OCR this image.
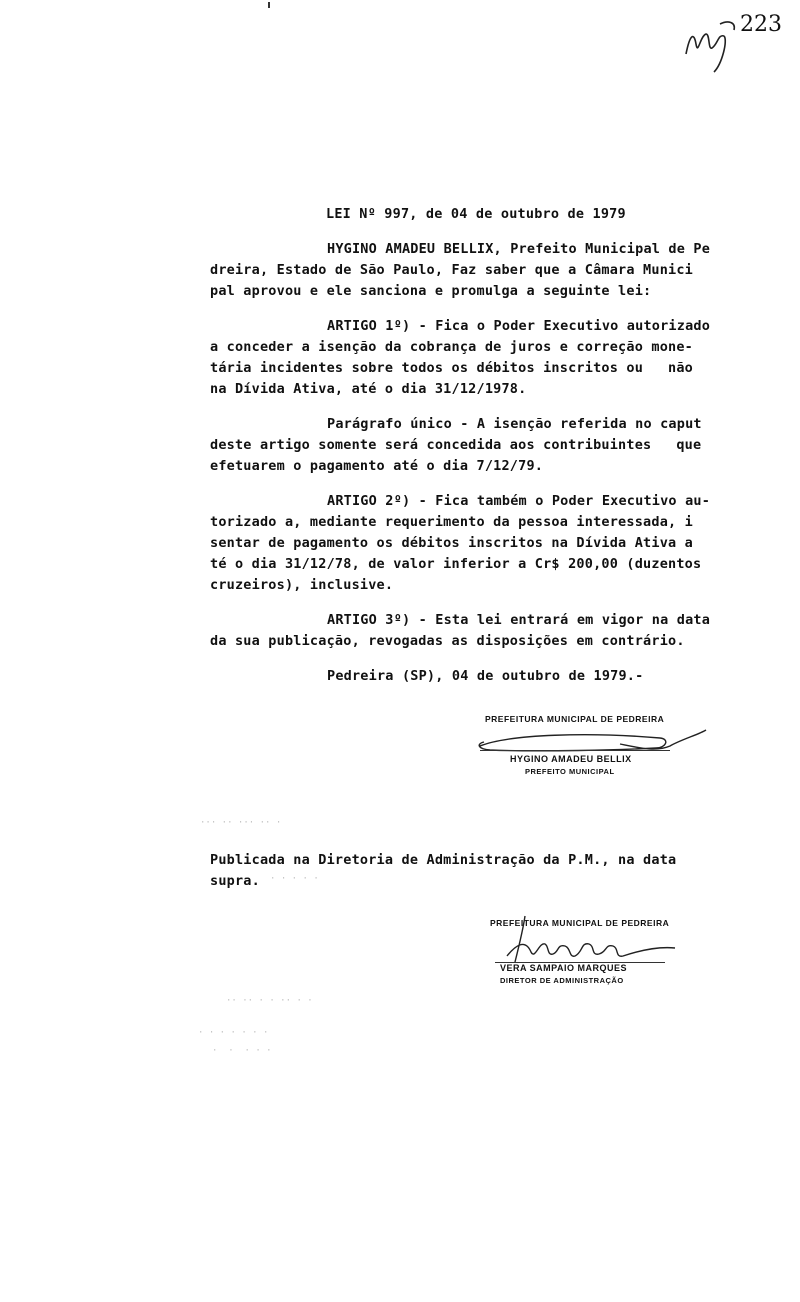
223
LEI Nº 997, de 04 de outubro de 1979
HYGINO AMADEU BELLIX, Prefeito Municipal de Pe
dreira, Estado de São Paulo, Faz saber que a Câmara Munici
pal aprovou e ele sanciona e promulga a seguinte lei:
ARTIGO 1º) - Fica o Poder Executivo autorizado
a conceder a isenção da cobrança de juros e correção mone-
tária incidentes sobre todos os débitos inscritos ou   não
na Dívida Ativa, até o dia 31/12/1978.
Parágrafo único - A isenção referida no caput
deste artigo somente será concedida aos contribuintes   que
efetuarem o pagamento até o dia 7/12/79.
ARTIGO 2º) - Fica também o Poder Executivo au-
torizado a, mediante requerimento da pessoa interessada, i
sentar de pagamento os débitos inscritos na Dívida Ativa a
té o dia 31/12/78, de valor inferior a Cr$ 200,00 (duzentos
cruzeiros), inclusive.
ARTIGO 3º) - Esta lei entrará em vigor na data
da sua publicação, revogadas as disposições em contrário.
Pedreira (SP), 04 de outubro de 1979.-
PREFEITURA MUNICIPAL DE PEDREIRA
HYGINO AMADEU BELLIX
PREFEITO MUNICIPAL
··· ·· ··· ·· ·
· · · · ·
·· ·· · · ·· · ·
· · · · · · ·
·  ·  · · ·
Publicada na Diretoria de Administração da P.M., na data
supra.
PREFEITURA MUNICIPAL DE PEDREIRA
VERA SAMPAIO MARQUES
DIRETOR DE ADMINISTRAÇÃO
